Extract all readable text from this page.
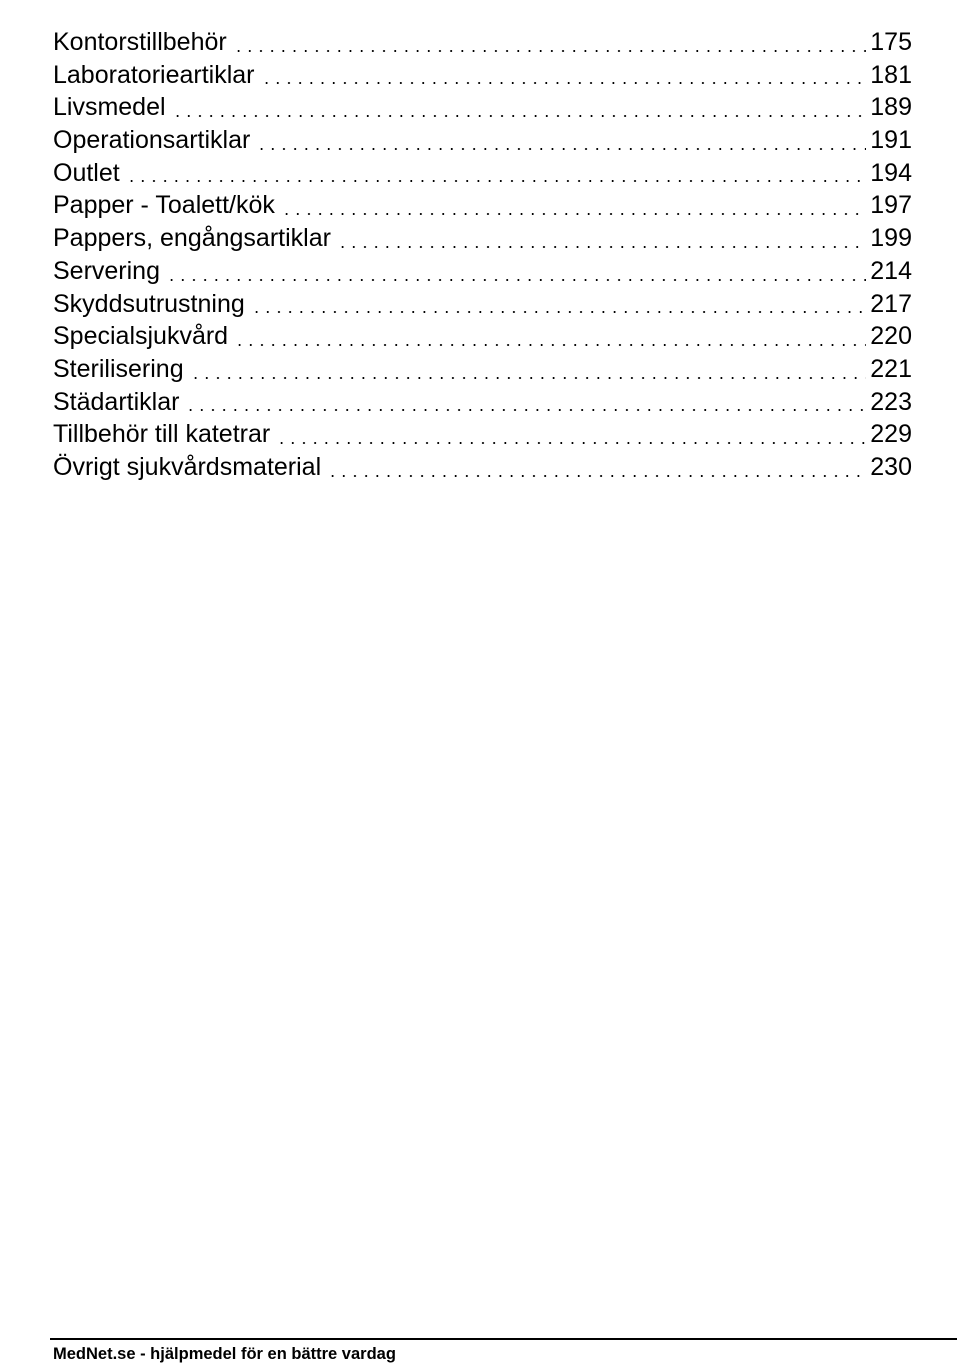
Kontorstillbehör	175
Laboratorieartiklar	181
Livsmedel	189
Operationsartiklar	191
Outlet	194
Papper - Toalett/kök	197
Pappers, engångsartiklar	199
Servering	214
Skyddsutrustning	217
Specialsjukvård	220
Sterilisering	221
Städartiklar	223
Tillbehör till katetrar	229
Övrigt sjukvårdsmaterial	230
MedNet.se - hjälpmedel för en bättre vardag
